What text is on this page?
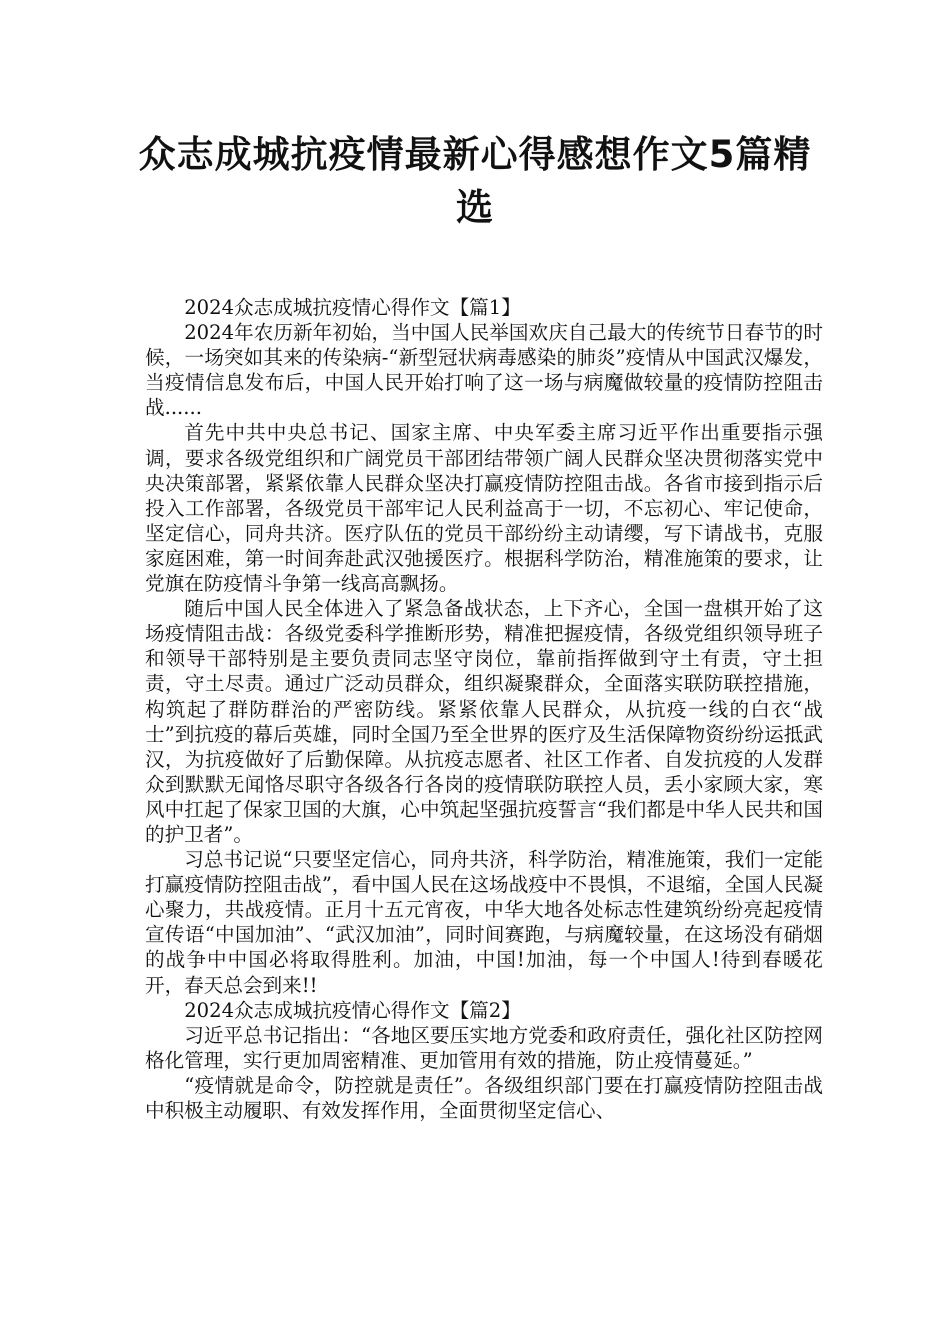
众志成城抗疫情最新心得感想作文5篇精选

2024众志成城抗疫情心得作文【篇1】

2024年农历新年初始，当中国人民举国欢庆自己最大的传统节日春节的时候，一场突如其来的传染病-“新型冠状病毒感染的肺炎”疫情从中国武汉爆发，当疫情信息发布后，中国人民开始打响了这一场与病魔做较量的疫情防控阻击战......

首先中共中央总书记、国家主席、中央军委主席习近平作出重要指示强调，要求各级党组织和广阔党员干部团结带领广阔人民群众坚决贯彻落实党中央决策部署，紧紧依靠人民群众坚决打赢疫情防控阻击战。各省市接到指示后投入工作部署，各级党员干部牢记人民利益高于一切，不忘初心、牢记使命，坚定信心，同舟共济。医疗队伍的党员干部纷纷主动请缨，写下请战书，克服家庭困难，第一时间奔赴武汉弛援医疗。根据科学防治，精准施策的要求，让党旗在防疫情斗争第一线高高飘扬。

随后中国人民全体进入了紧急备战状态，上下齐心，全国一盘棋开始了这场疫情阻击战：各级党委科学推断形势，精准把握疫情，各级党组织领导班子和领导干部特别是主要负责同志坚守岗位，靠前指挥做到守土有责，守土担责，守土尽责。通过广泛动员群众，组织凝聚群众，全面落实联防联控措施，构筑起了群防群治的严密防线。紧紧依靠人民群众，从抗疫一线的白衣“战士”到抗疫的幕后英雄，同时全国乃至全世界的医疗及生活保障物资纷纷运抵武汉，为抗疫做好了后勤保障。从抗疫志愿者、社区工作者、自发抗疫的人发群众到默默无闻恪尽职守各级各行各岗的疫情联防联控人员，丢小家顾大家，寒风中扛起了保家卫国的大旗，心中筑起坚强抗疫誓言“我们都是中华人民共和国的护卫者”。

习总书记说“只要坚定信心，同舟共济，科学防治，精准施策，我们一定能打赢疫情防控阻击战”，看中国人民在这场战疫中不畏惧，不退缩，全国人民凝心聚力，共战疫情。正月十五元宵夜，中华大地各处标志性建筑纷纷亮起疫情宣传语“中国加油”、“武汉加油”，同时间赛跑，与病魔较量，在这场没有硝烟的战争中中国必将取得胜利。加油，中国!加油，每一个中国人!待到春暖花开，春天总会到来!!

2024众志成城抗疫情心得作文【篇2】

习近平总书记指出：“各地区要压实地方党委和政府责任，强化社区防控网格化管理，实行更加周密精准、更加管用有效的措施，防止疫情蔓延。”

“疫情就是命令，防控就是责任”。各级组织部门要在打赢疫情防控阻击战中积极主动履职、有效发挥作用，全面贯彻坚定信心、
